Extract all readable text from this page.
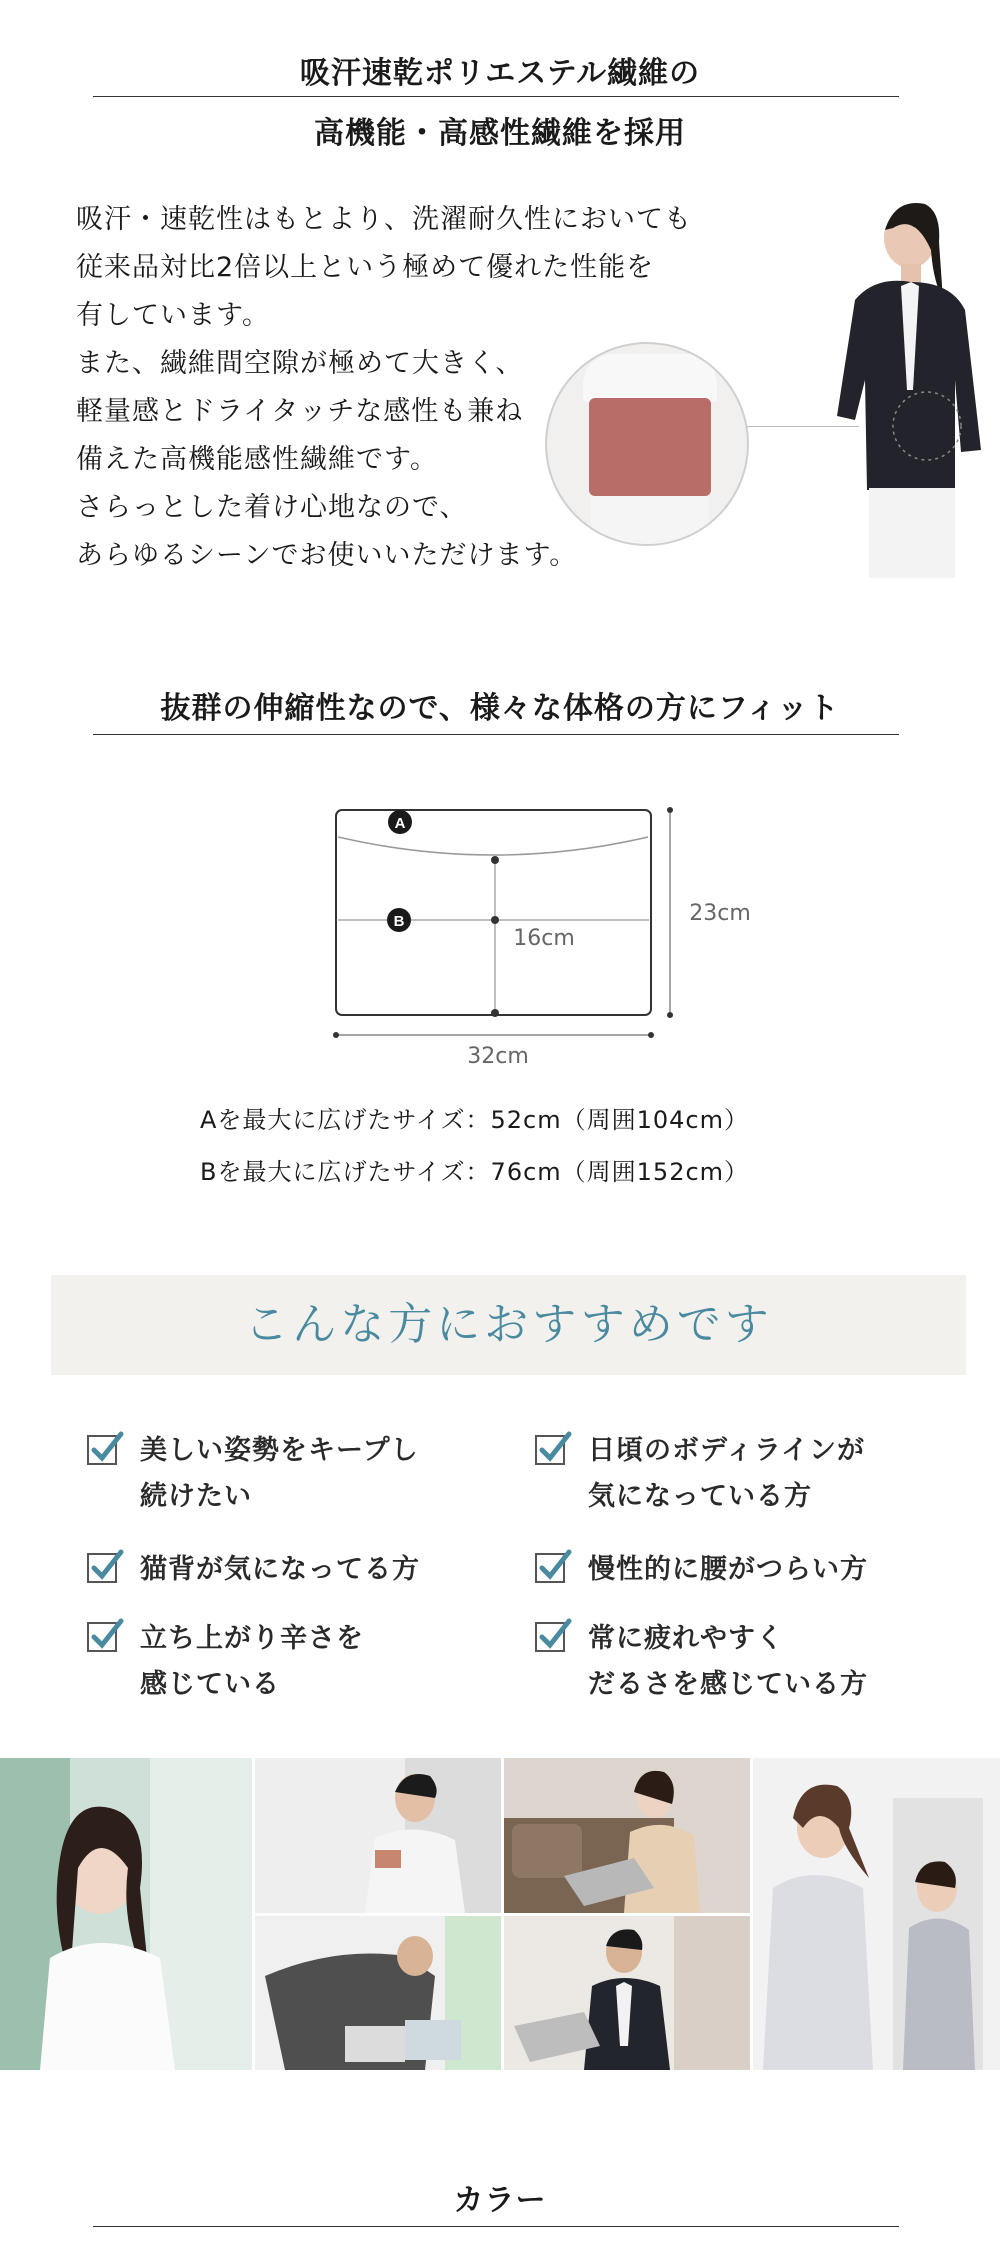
吸汗速乾ポリエステル繊維の
高機能・高感性繊維を採用
吸汗・速乾性はもとより、洗濯耐久性においても
従来品対比2倍以上という極めて優れた性能を
有しています。
また、繊維間空隙が極めて大きく、
軽量感とドライタッチな感性も兼ね
備えた高機能感性繊維です。
さらっとした着け心地なので、
あらゆるシーンでお使いいただけます。
抜群の伸縮性なので、様々な体格の方にフィット
A
B
16cm
23cm
32cm
Aを最大に広げたサイズ：52cm（周囲104cm）
Bを最大に広げたサイズ：76cm（周囲152cm）
こんな方におすすめです
美しい姿勢をキープし
続けたい
日頃のボディラインが
気になっている方
猫背が気になってる方	慢性的に腰がつらい方
立ち上がり辛さを
感じている
常に疲れやすく
だるさを感じている方
カラー
